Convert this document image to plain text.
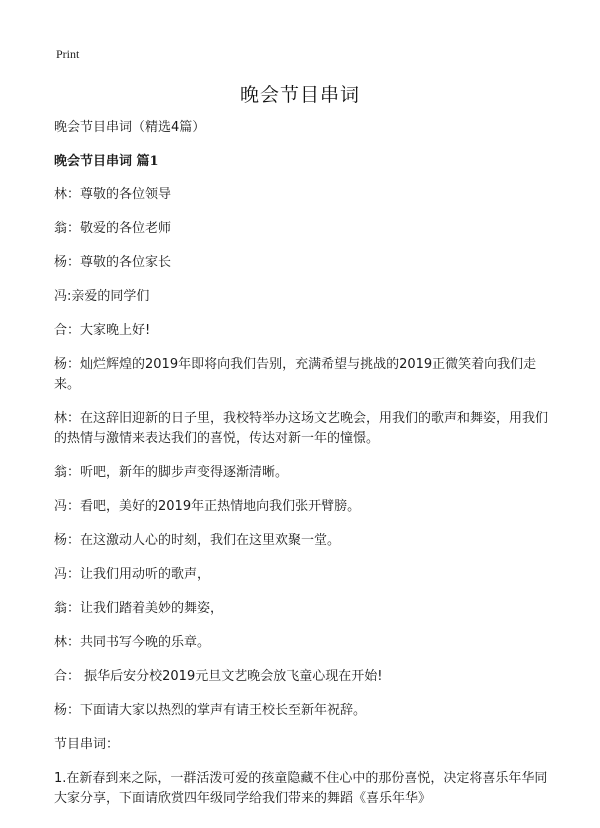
Print
晚会节目串词
晚会节目串词（精选4篇）
晚会节目串词 篇1
林：尊敬的各位领导
翁：敬爱的各位老师
杨：尊敬的各位家长
冯:亲爱的同学们
合：大家晚上好!
杨：灿烂辉煌的2019年即将向我们告别，充满希望与挑战的2019正微笑着向我们走来。
林：在这辞旧迎新的日子里，我校特举办这场文艺晚会，用我们的歌声和舞姿，用我们的热情与激情来表达我们的喜悦，传达对新一年的憧憬。
翁：听吧，新年的脚步声变得逐渐清晰。
冯：看吧，美好的2019年正热情地向我们张开臂膀。
杨：在这激动人心的时刻，我们在这里欢聚一堂。
冯：让我们用动听的歌声，
翁：让我们踏着美妙的舞姿，
林：共同书写今晚的乐章。
合： 振华后安分校2019元旦文艺晚会放飞童心现在开始!
杨：下面请大家以热烈的掌声有请王校长至新年祝辞。
节目串词：
1.在新春到来之际，一群活泼可爱的孩童隐藏不住心中的那份喜悦，决定将喜乐年华同大家分享，下面请欣赏四年级同学给我们带来的舞蹈《喜乐年华》
